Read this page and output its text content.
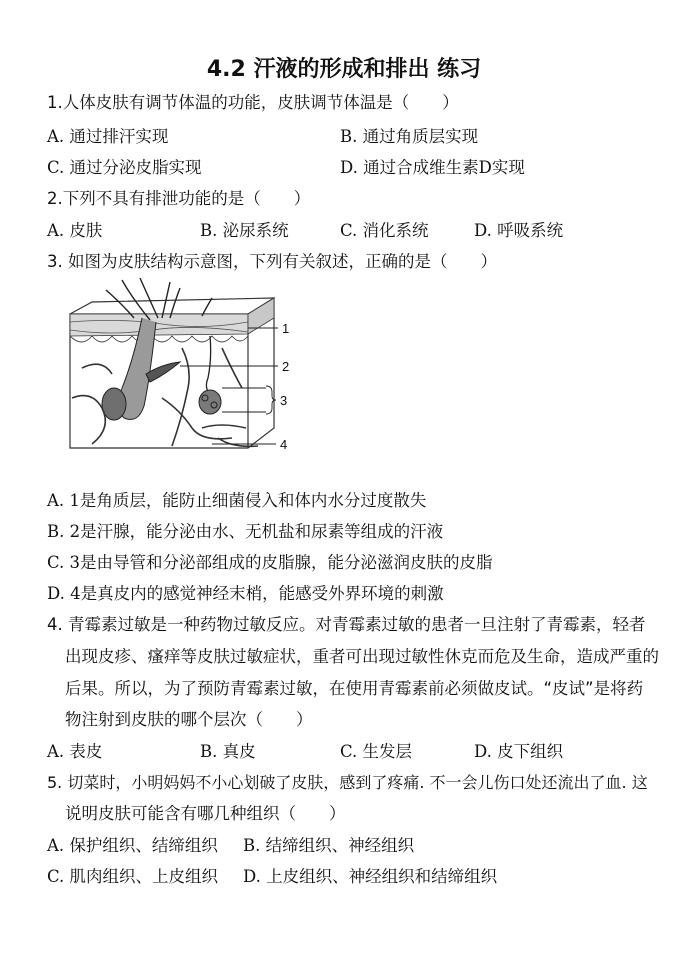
4.2 汗液的形成和排出 练习
1.人体皮肤有调节体温的功能，皮肤调节体温是（　　）
A. 通过排汗实现	B. 通过角质层实现
C. 通过分泌皮脂实现	D. 通过合成维生素D实现
2.下列不具有排泄功能的是（　　）
A. 皮肤	B. 泌尿系统	C. 消化系统	D. 呼吸系统
3. 如图为皮肤结构示意图，下列有关叙述，正确的是（　　）
1
2
3
4
A. 1是角质层，能防止细菌侵入和体内水分过度散失
B. 2是汗腺，能分泌由水、无机盐和尿素等组成的汗液
C. 3是由导管和分泌部组成的皮脂腺，能分泌滋润皮肤的皮脂
D. 4是真皮内的感觉神经末梢，能感受外界环境的刺激
4. 青霉素过敏是一种药物过敏反应。对青霉素过敏的患者一旦注射了青霉素，轻者
出现皮疹、瘙痒等皮肤过敏症状，重者可出现过敏性休克而危及生命，造成严重的
后果。所以，为了预防青霉素过敏，在使用青霉素前必须做皮试。“皮试”是将药
物注射到皮肤的哪个层次（　　）
A. 表皮	B. 真皮	C. 生发层	D. 皮下组织
5. 切菜时，小明妈妈不小心划破了皮肤，感到了疼痛. 不一会儿伤口处还流出了血. 这
说明皮肤可能含有哪几种组织（　　）
A. 保护组织、结缔组织 B. 结缔组织、神经组织
C. 肌肉组织、上皮组织 D. 上皮组织、神经组织和结缔组织
